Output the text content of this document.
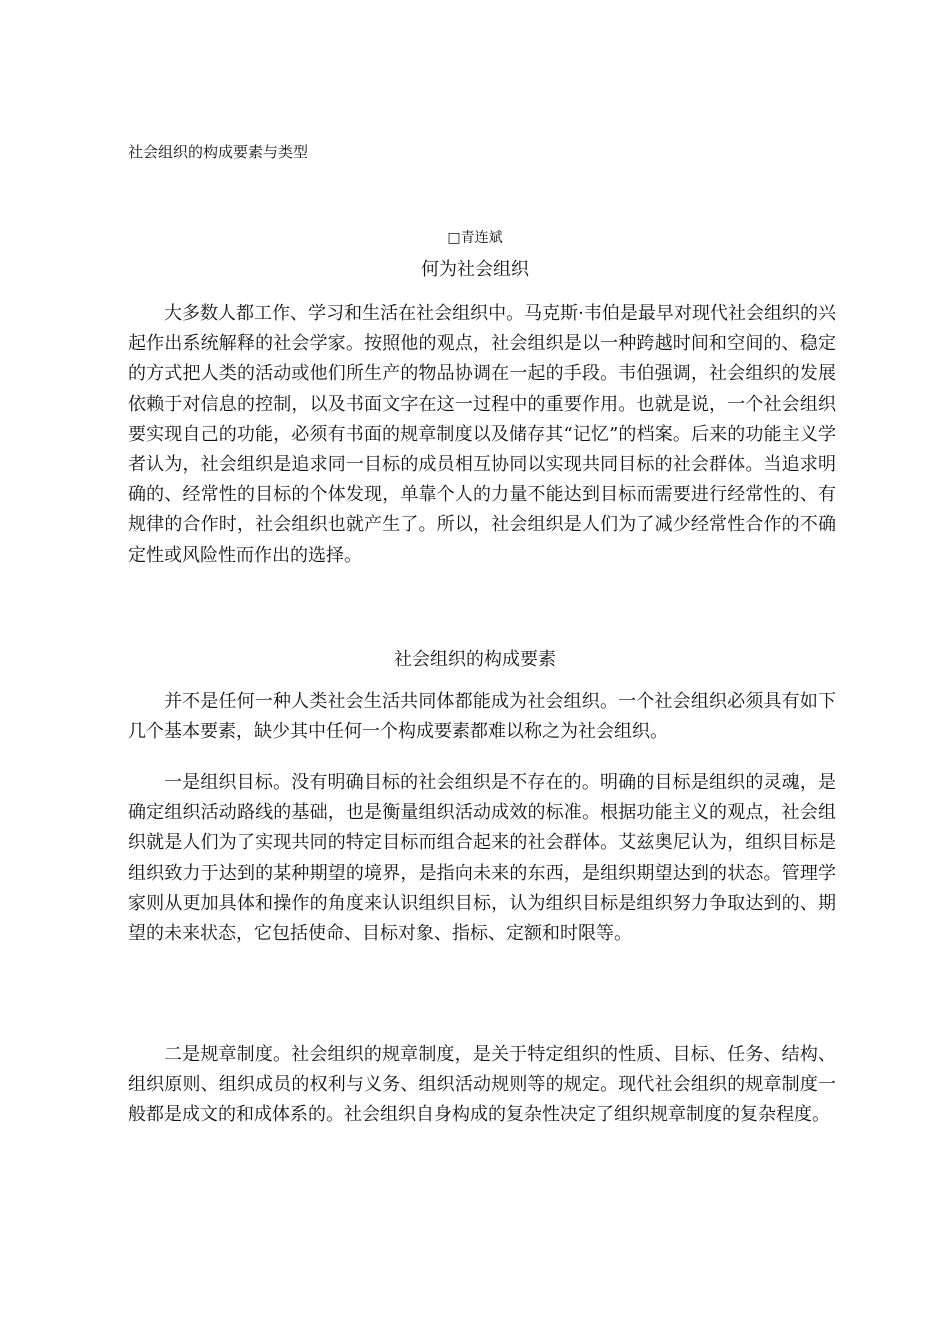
社会组织的构成要素与类型
□青连斌
何为社会组织

大多数人都工作、学习和生活在社会组织中。马克斯·韦伯是最早对现代社会组织的兴起作出系统解释的社会学家。按照他的观点，社会组织是以一种跨越时间和空间的、稳定的方式把人类的活动或他们所生产的物品协调在一起的手段。韦伯强调，社会组织的发展依赖于对信息的控制，以及书面文字在这一过程中的重要作用。也就是说，一个社会组织要实现自己的功能，必须有书面的规章制度以及储存其“记忆”的档案。后来的功能主义学者认为，社会组织是追求同一目标的成员相互协同以实现共同目标的社会群体。当追求明确的、经常性的目标的个体发现，单靠个人的力量不能达到目标而需要进行经常性的、有规律的合作时，社会组织也就产生了。所以，社会组织是人们为了减少经常性合作的不确定性或风险性而作出的选择。

社会组织的构成要素

并不是任何一种人类社会生活共同体都能成为社会组织。一个社会组织必须具有如下几个基本要素，缺少其中任何一个构成要素都难以称之为社会组织。

一是组织目标。没有明确目标的社会组织是不存在的。明确的目标是组织的灵魂，是确定组织活动路线的基础，也是衡量组织活动成效的标准。根据功能主义的观点，社会组织就是人们为了实现共同的特定目标而组合起来的社会群体。艾兹奥尼认为，组织目标是组织致力于达到的某种期望的境界，是指向未来的东西，是组织期望达到的状态。管理学家则从更加具体和操作的角度来认识组织目标，认为组织目标是组织努力争取达到的、期望的未来状态，它包括使命、目标对象、指标、定额和时限等。

二是规章制度。社会组织的规章制度，是关于特定组织的性质、目标、任务、结构、组织原则、组织成员的权利与义务、组织活动规则等的规定。现代社会组织的规章制度一般都是成文的和成体系的。社会组织自身构成的复杂性决定了组织规章制度的复杂程度。
